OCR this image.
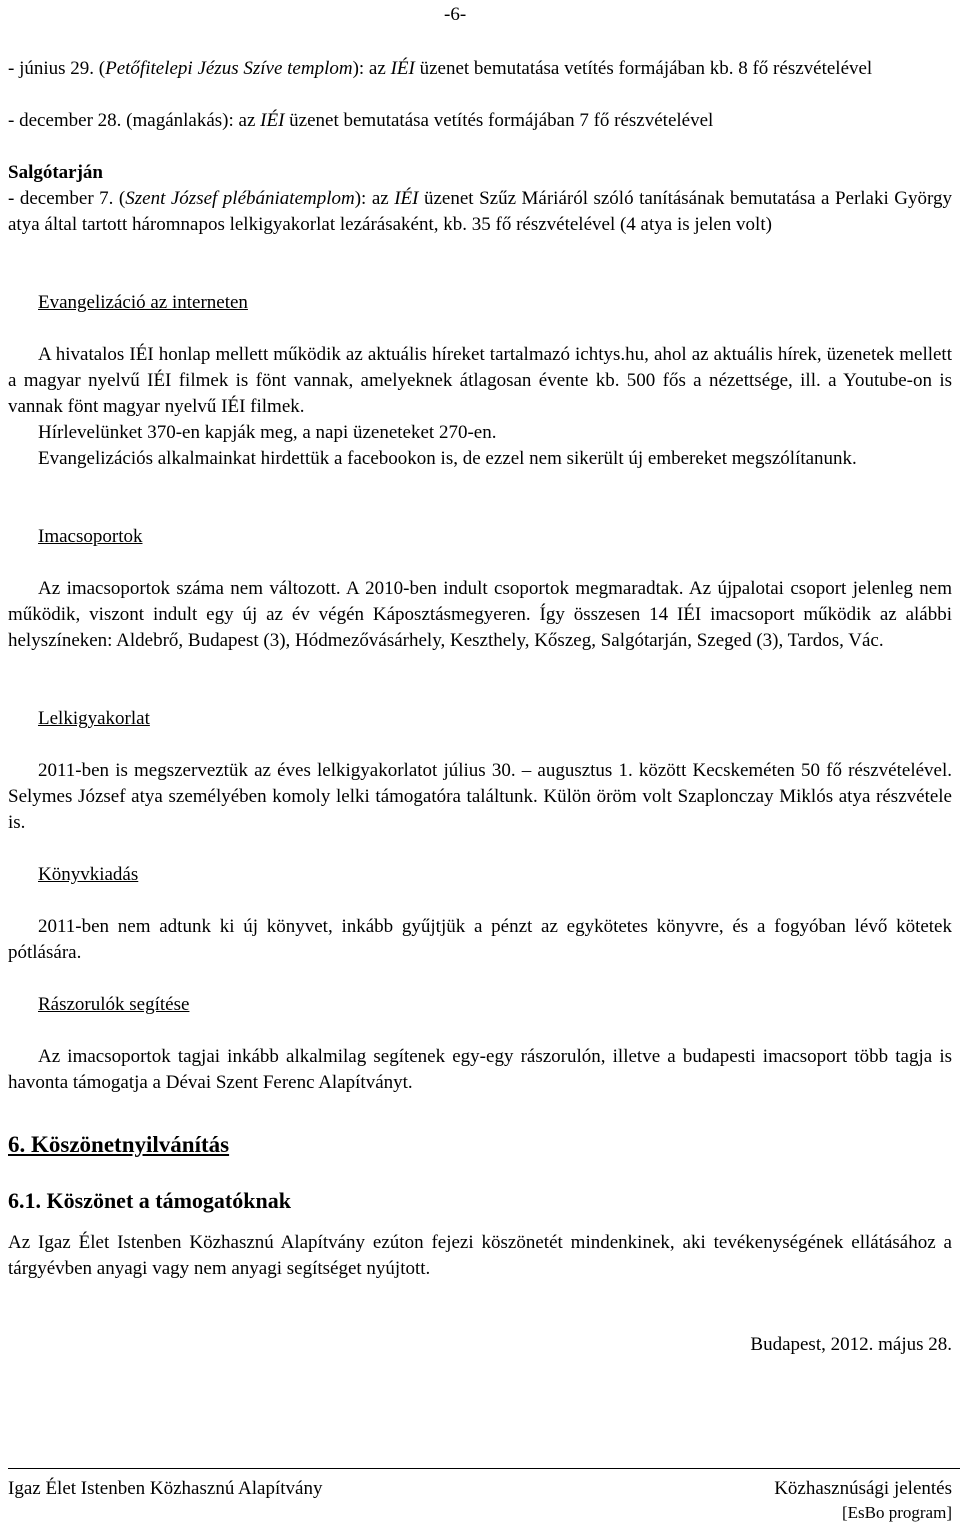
-6-
- június 29. (Petőfitelepi Jézus Szíve templom): az IÉI üzenet bemutatása vetítés formájában kb. 8 fő részvételével
- december 28. (magánlakás): az IÉI üzenet bemutatása vetítés formájában 7 fő részvételével
Salgótarján
- december 7. (Szent József plébániatemplom): az IÉI üzenet Szűz Máriáról szóló tanításának bemutatása a Perlaki György atya által tartott háromnapos lelkigyakorlat lezárásaként, kb. 35 fő részvételével (4 atya is jelen volt)
Evangelizáció az interneten
A hivatalos IÉI honlap mellett működik az aktuális híreket tartalmazó ichtys.hu, ahol az aktuális hírek, üzenetek mellett a magyar nyelvű IÉI filmek is fönt vannak, amelyeknek átlagosan évente kb. 500 fős a nézettsége, ill. a Youtube-on is vannak fönt magyar nyelvű IÉI filmek.
Hírlevelünket 370-en kapják meg, a napi üzeneteket 270-en.
Evangelizációs alkalmainkat hirdettük a facebookon is, de ezzel nem sikerült új embereket megszólítanunk.
Imacsoportok
Az imacsoportok száma nem változott. A 2010-ben indult csoportok megmaradtak. Az újpalotai csoport jelenleg nem működik, viszont indult egy új az év végén Káposztásmegyeren. Így összesen 14 IÉI imacsoport működik az alábbi helyszíneken: Aldebrő, Budapest (3), Hódmezővásárhely, Keszthely, Kőszeg, Salgótarján, Szeged (3), Tardos, Vác.
Lelkigyakorlat
2011-ben is megszerveztük az éves lelkigyakorlatot július 30. – augusztus 1. között Kecskeméten 50 fő részvételével. Selymes József atya személyében komoly lelki támogatóra találtunk. Külön öröm volt Szaplonczay Miklós atya részvétele is.
Könyvkiadás
2011-ben nem adtunk ki új könyvet, inkább gyűjtjük a pénzt az egykötetes könyvre, és a fogyóban lévő kötetek pótlására.
Rászorulók segítése
Az imacsoportok tagjai inkább alkalmilag segítenek egy-egy rászorulón, illetve a budapesti imacsoport több tagja is havonta támogatja a Dévai Szent Ferenc Alapítványt.
6. Köszönetnyilvánítás
6.1. Köszönet a támogatóknak
Az Igaz Élet Istenben Közhasznú Alapítvány ezúton fejezi köszönetét mindenkinek, aki tevékenységének ellátásához a tárgyévben anyagi vagy nem anyagi segítséget nyújtott.
Budapest, 2012. május 28.
Igaz Élet Istenben Közhasznú Alapítvány	Közhasznúsági jelentés
[EsBo program]
